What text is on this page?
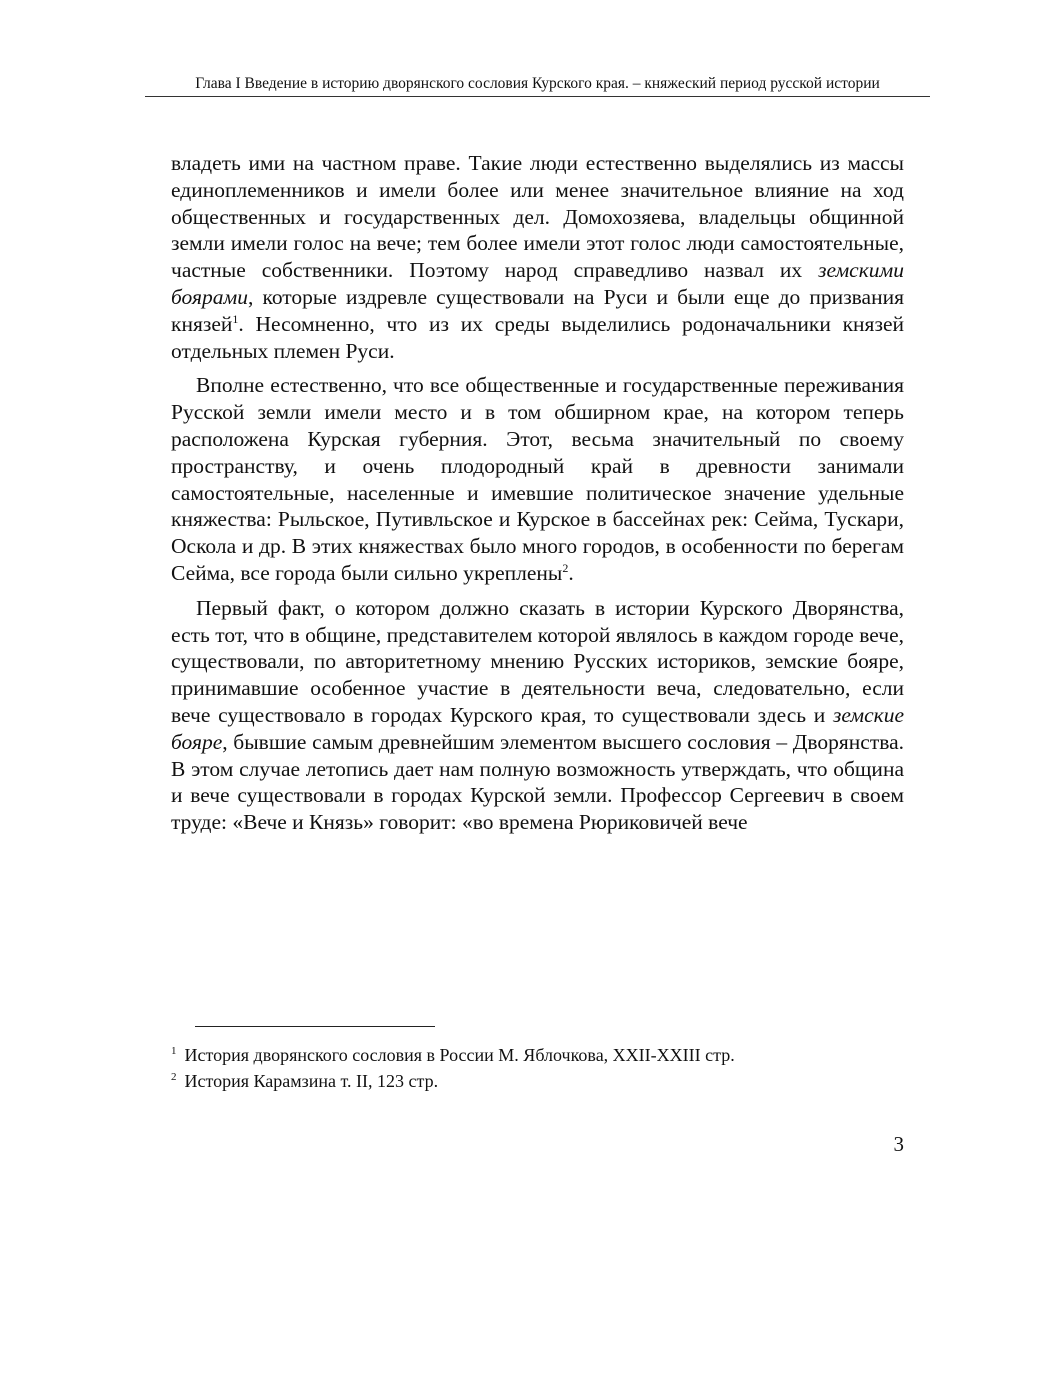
Глава I Введение в историю дворянского сословия Курского края. – княжеский период русской истории

владеть ими на частном праве. Такие люди естественно выделялись из массы единоплеменников и имели более или менее значительное влияние на ход общественных и государственных дел. Домохозяева, владельцы общинной земли имели голос на вече; тем более имели этот голос люди самостоятельные, частные собственники. Поэтому народ справедливо назвал их земскими боярами, которые издревле существовали на Руси и были еще до призвания князей$^1$. Несомненно, что из их среды выделились родоначальники князей отдельных племен Руси.

Вполне естественно, что все общественные и государственные переживания Русской земли имели место и в том обширном крае, на котором теперь расположена Курская губерния. Этот, весьма значительный по своему пространству, и очень плодородный край в древности занимали самостоятельные, населенные и имевшие политическое значение удельные княжества: Рыльское, Путивльское и Курское в бассейнах рек: Сейма, Тускари, Оскола и др. В этих княжествах было много городов, в особенности по берегам Сейма, все города были сильно укреплены$^2$.

Первый факт, о котором должно сказать в истории Курского Дворянства, есть тот, что в общине, представителем которой являлось в каждом городе вече, существовали, по авторитетному мнению Русских историков, земские бояре, принимавшие особенное участие в деятельности веча, следовательно, если вече существовало в городах Курского края, то существовали здесь и земские бояре, бывшие самым древнейшим элементом высшего сословия – Дворянства. В этом случае летопись дает нам полную возможность утверждать, что община и вече существовали в городах Курской земли. Профессор Сергеевич в своем труде: «Вече и Князь» говорит: «во времена Рюриковичей вече

$^1$ История дворянского сословия в России М. Яблочкова, XXII-XXIII стр.

$^2$ История Карамзина т. II, 123 стр.

3
